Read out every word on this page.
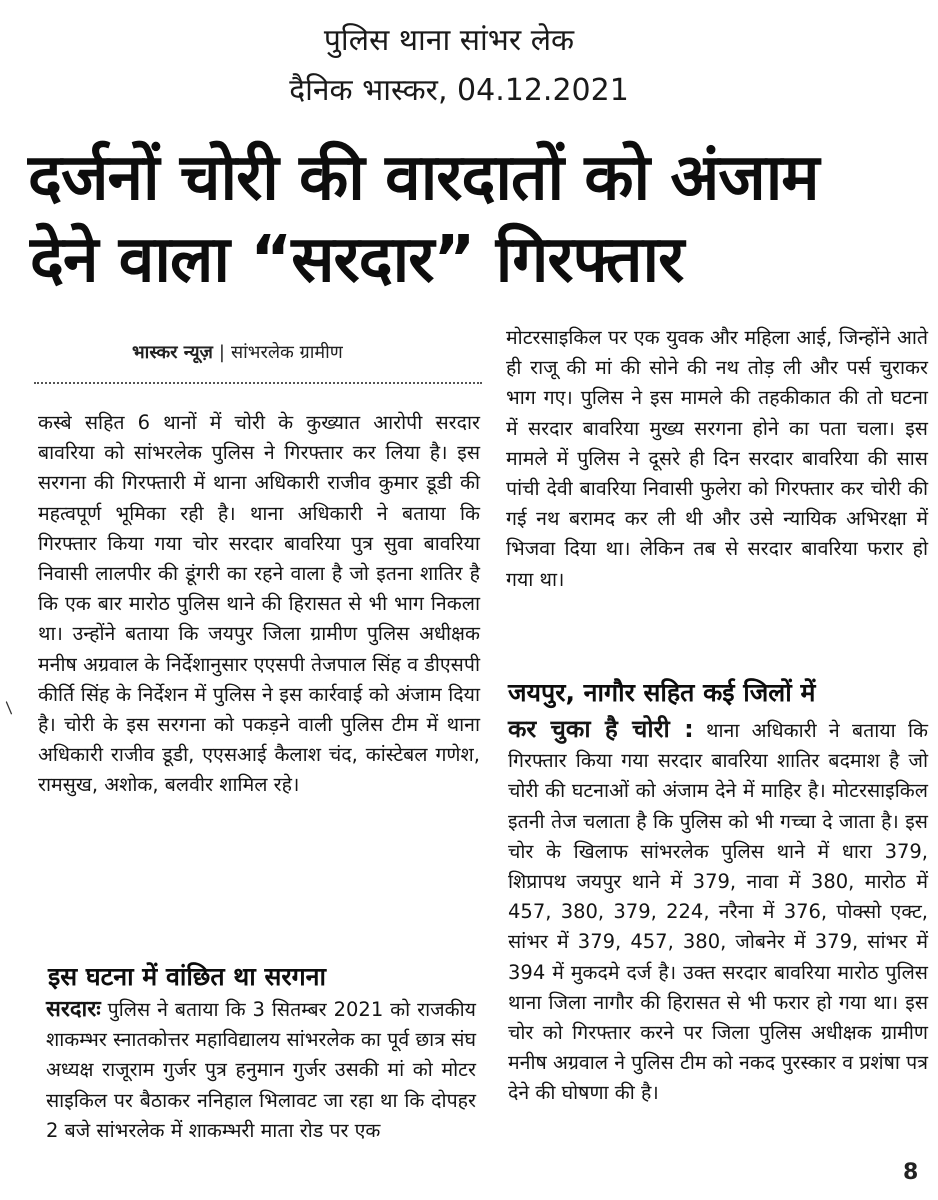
पुलिस थाना सांभर लेक
दैनिक भास्कर, 04.12.2021
दर्जनों चोरी की वारदातों को अंजाम
देने वाला “सरदार” गिरफ्तार
भास्कर न्यूज़ | सांभरलेक ग्रामीण

कस्बे सहित 6 थानों में चोरी के कुख्यात आरोपी सरदार बावरिया को सांभरलेक पुलिस ने गिरफ्तार कर लिया है। इस सरगना की गिरफ्तारी में थाना अधिकारी राजीव कुमार डूडी की महत्वपूर्ण भूमिका रही है। थाना अधिकारी ने बताया कि गिरफ्तार किया गया चोर सरदार बावरिया पुत्र सुवा बावरिया निवासी लालपीर की डूंगरी का रहने वाला है जो इतना शातिर है कि एक बार मारोठ पुलिस थाने की हिरासत से भी भाग निकला था। उन्होंने बताया कि जयपुर जिला ग्रामीण पुलिस अधीक्षक मनीष अग्रवाल के निर्देशानुसार एएसपी तेजपाल सिंह व डीएसपी कीर्ति सिंह के निर्देशन में पुलिस ने इस कार्रवाई को अंजाम दिया है। चोरी के इस सरगना को पकड़ने वाली पुलिस टीम में थाना अधिकारी राजीव डूडी, एएसआई कैलाश चंद, कांस्टेबल गणेश, रामसुख, अशोक, बलवीर शामिल रहे।

इस घटना में वांछित था सरगना

सरदारः पुलिस ने बताया कि 3 सितम्बर 2021 को राजकीय शाकम्भर स्नातकोत्तर महाविद्यालय सांभरलेक का पूर्व छात्र संघ अध्यक्ष राजूराम गुर्जर पुत्र हनुमान गुर्जर उसकी मां को मोटर साइकिल पर बैठाकर ननिहाल भिलावट जा रहा था कि दोपहर 2 बजे सांभरलेक में शाकम्भरी माता रोड पर एक

मोटरसाइकिल पर एक युवक और महिला आई, जिन्होंने आते ही राजू की मां की सोने की नथ तोड़ ली और पर्स चुराकर भाग गए। पुलिस ने इस मामले की तहकीकात की तो घटना में सरदार बावरिया मुख्य सरगना होने का पता चला। इस मामले में पुलिस ने दूसरे ही दिन सरदार बावरिया की सास पांची देवी बावरिया निवासी फुलेरा को गिरफ्तार कर चोरी की गई नथ बरामद कर ली थी और उसे न्यायिक अभिरक्षा में भिजवा दिया था। लेकिन तब से सरदार बावरिया फरार हो गया था।

जयपुर, नागौर सहित कई जिलों में

कर चुका है चोरी : थाना अधिकारी ने बताया कि गिरफ्तार किया गया सरदार बावरिया शातिर बदमाश है जो चोरी की घटनाओं को अंजाम देने में माहिर है। मोटरसाइकिल इतनी तेज चलाता है कि पुलिस को भी गच्चा दे जाता है। इस चोर के खिलाफ सांभरलेक पुलिस थाने में धारा 379, शिप्रापथ जयपुर थाने में 379, नावा में 380, मारोठ में 457, 380, 379, 224, नरैना में 376, पोक्सो एक्ट, सांभर में 379, 457, 380, जोबनेर में 379, सांभर में 394 में मुकदमे दर्ज है। उक्त सरदार बावरिया मारोठ पुलिस थाना जिला नागौर की हिरासत से भी फरार हो गया था। इस चोर को गिरफ्तार करने पर जिला पुलिस अधीक्षक ग्रामीण मनीष अग्रवाल ने पुलिस टीम को नकद पुरस्कार व प्रशंषा पत्र देने की घोषणा की है।

/
8
